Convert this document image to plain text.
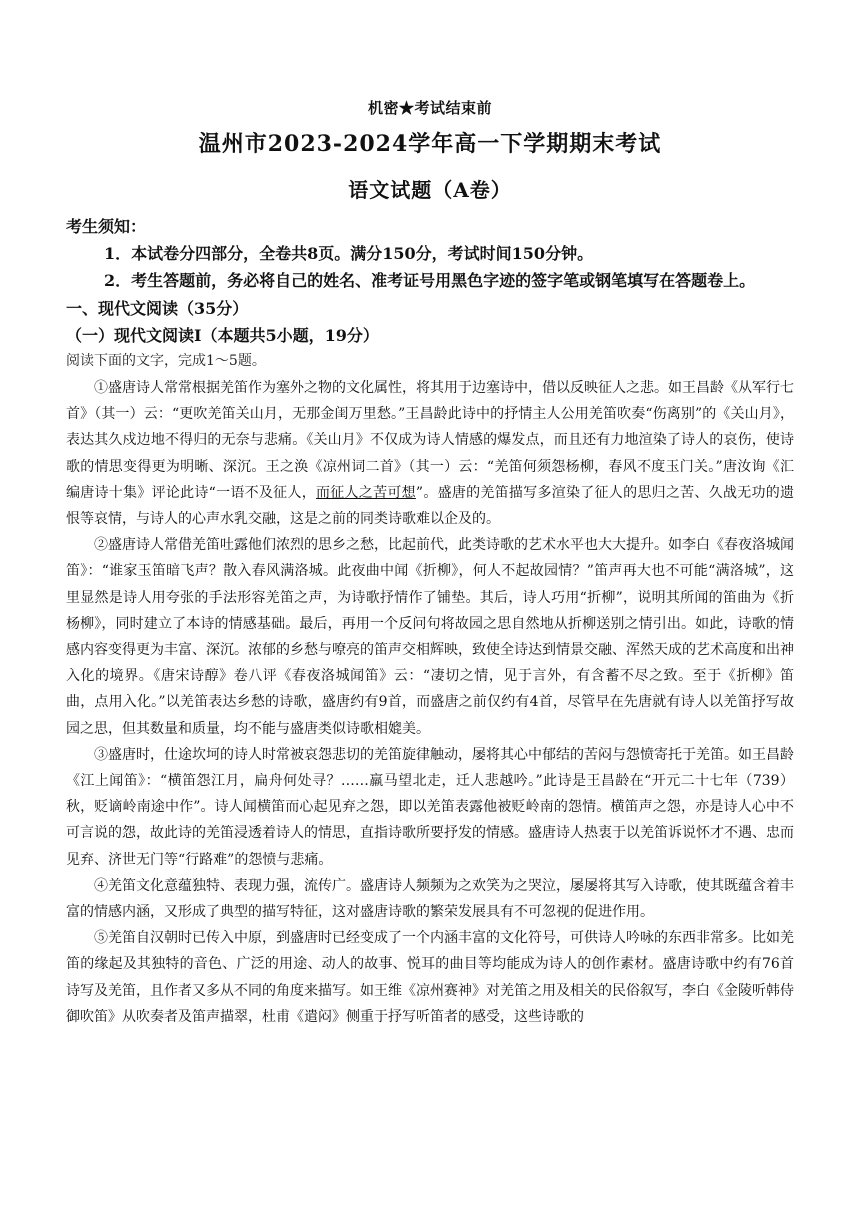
机密★考试结束前
温州市2023-2024学年高一下学期期末考试
语文试题（A卷）
考生须知：
1．本试卷分四部分，全卷共8页。满分150分，考试时间150分钟。
2．考生答题前，务必将自己的姓名、准考证号用黑色字迹的签字笔或钢笔填写在答题卷上。
一、现代文阅读（35分）
（一）现代文阅读Ⅰ（本题共5小题，19分）
阅读下面的文字，完成1～5题。

①盛唐诗人常常根据羌笛作为塞外之物的文化属性，将其用于边塞诗中，借以反映征人之悲。如王昌龄《从军行七首》（其一）云：“更吹羌笛关山月，无那金闺万里愁。”王昌龄此诗中的抒情主人公用羌笛吹奏“伤离别”的《关山月》，表达其久戍边地不得归的无奈与悲痛。《关山月》不仅成为诗人情感的爆发点，而且还有力地渲染了诗人的哀伤，使诗歌的情思变得更为明晰、深沉。王之涣《凉州词二首》（其一）云：“羌笛何须怨杨柳，春风不度玉门关。”唐汝询《汇编唐诗十集》评论此诗“一语不及征人，而征人之苦可想”。盛唐的羌笛描写多渲染了征人的思归之苦、久战无功的遗恨等哀情，与诗人的心声水乳交融，这是之前的同类诗歌难以企及的。

②盛唐诗人常借羌笛吐露他们浓烈的思乡之愁，比起前代，此类诗歌的艺术水平也大大提升。如李白《春夜洛城闻笛》：“谁家玉笛暗飞声？散入春风满洛城。此夜曲中闻《折柳》，何人不起故园情？”笛声再大也不可能“满洛城”，这里显然是诗人用夸张的手法形容羌笛之声，为诗歌抒情作了铺垫。其后，诗人巧用“折柳”，说明其所闻的笛曲为《折杨柳》，同时建立了本诗的情感基础。最后，再用一个反问句将故园之思自然地从折柳送别之情引出。如此，诗歌的情感内容变得更为丰富、深沉。浓郁的乡愁与嘹亮的笛声交相辉映，致使全诗达到情景交融、浑然天成的艺术高度和出神入化的境界。《唐宋诗醇》卷八评《春夜洛城闻笛》云：“凄切之情，见于言外，有含蓄不尽之致。至于《折柳》笛曲，点用入化。”以羌笛表达乡愁的诗歌，盛唐约有9首，而盛唐之前仅约有4首，尽管早在先唐就有诗人以羌笛抒写故园之思，但其数量和质量，均不能与盛唐类似诗歌相媲美。

③盛唐时，仕途坎坷的诗人时常被哀怨悲切的羌笛旋律触动，屡将其心中郁结的苦闷与怨愤寄托于羌笛。如王昌龄《江上闻笛》：“横笛怨江月，扁舟何处寻？……羸马望北走，迁人悲越吟。”此诗是王昌龄在“开元二十七年（739）秋，贬谪岭南途中作”。诗人闻横笛而心起见弃之怨，即以羌笛表露他被贬岭南的怨情。横笛声之怨，亦是诗人心中不可言说的怨，故此诗的羌笛浸透着诗人的情思，直指诗歌所要抒发的情感。盛唐诗人热衷于以羌笛诉说怀才不遇、忠而见弃、济世无门等“行路难”的怨愤与悲痛。

④羌笛文化意蕴独特、表现力强，流传广。盛唐诗人频频为之欢笑为之哭泣，屡屡将其写入诗歌，使其既蕴含着丰富的情感内涵，又形成了典型的描写特征，这对盛唐诗歌的繁荣发展具有不可忽视的促进作用。

⑤羌笛自汉朝时已传入中原，到盛唐时已经变成了一个内涵丰富的文化符号，可供诗人吟咏的东西非常多。比如羌笛的缘起及其独特的音色、广泛的用途、动人的故事、悦耳的曲目等均能成为诗人的创作素材。盛唐诗歌中约有76首诗写及羌笛，且作者又多从不同的角度来描写。如王维《凉州赛神》对羌笛之用及相关的民俗叙写，李白《金陵听韩侍御吹笛》从吹奏者及笛声描翠，杜甫《遣闷》侧重于抒写听笛者的感受，这些诗歌的
